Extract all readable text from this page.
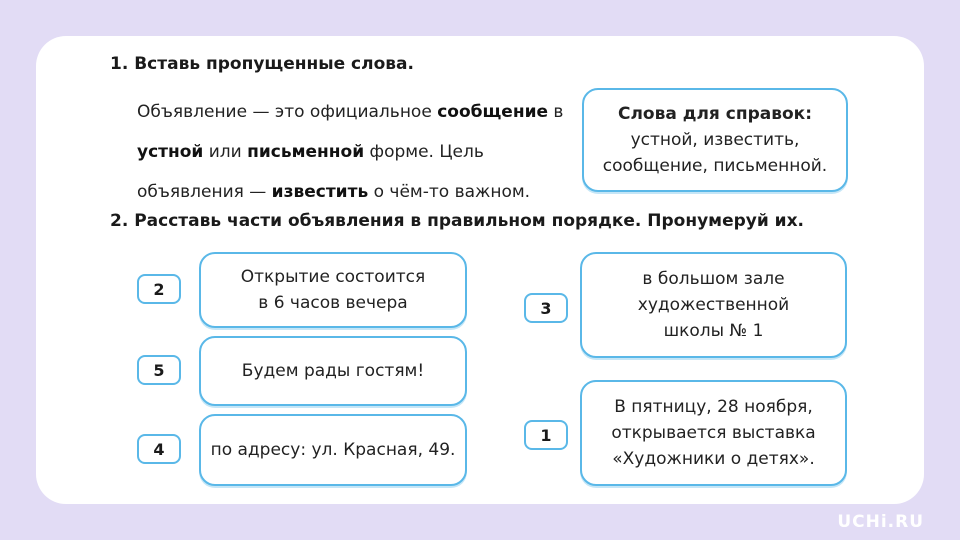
1. Вставь пропущенные слова.
Объявление — это официальное сообщение в устной или письменной форме. Цель объявления — известить о чём-то важном.
Слова для справок:
устной, известить,
сообщение, письменной.
2. Расставь части объявления в правильном порядке. Пронумеруй их.
2
Открытие состоится
в 6 часов вечера
5	Будем рады гостям!
4	по адресу: ул. Красная, 49.
3
в большом зале
художественной
школы № 1
1
В пятницу, 28 ноября,
открывается выставка
«Художники о детях».
UCHi.RU
